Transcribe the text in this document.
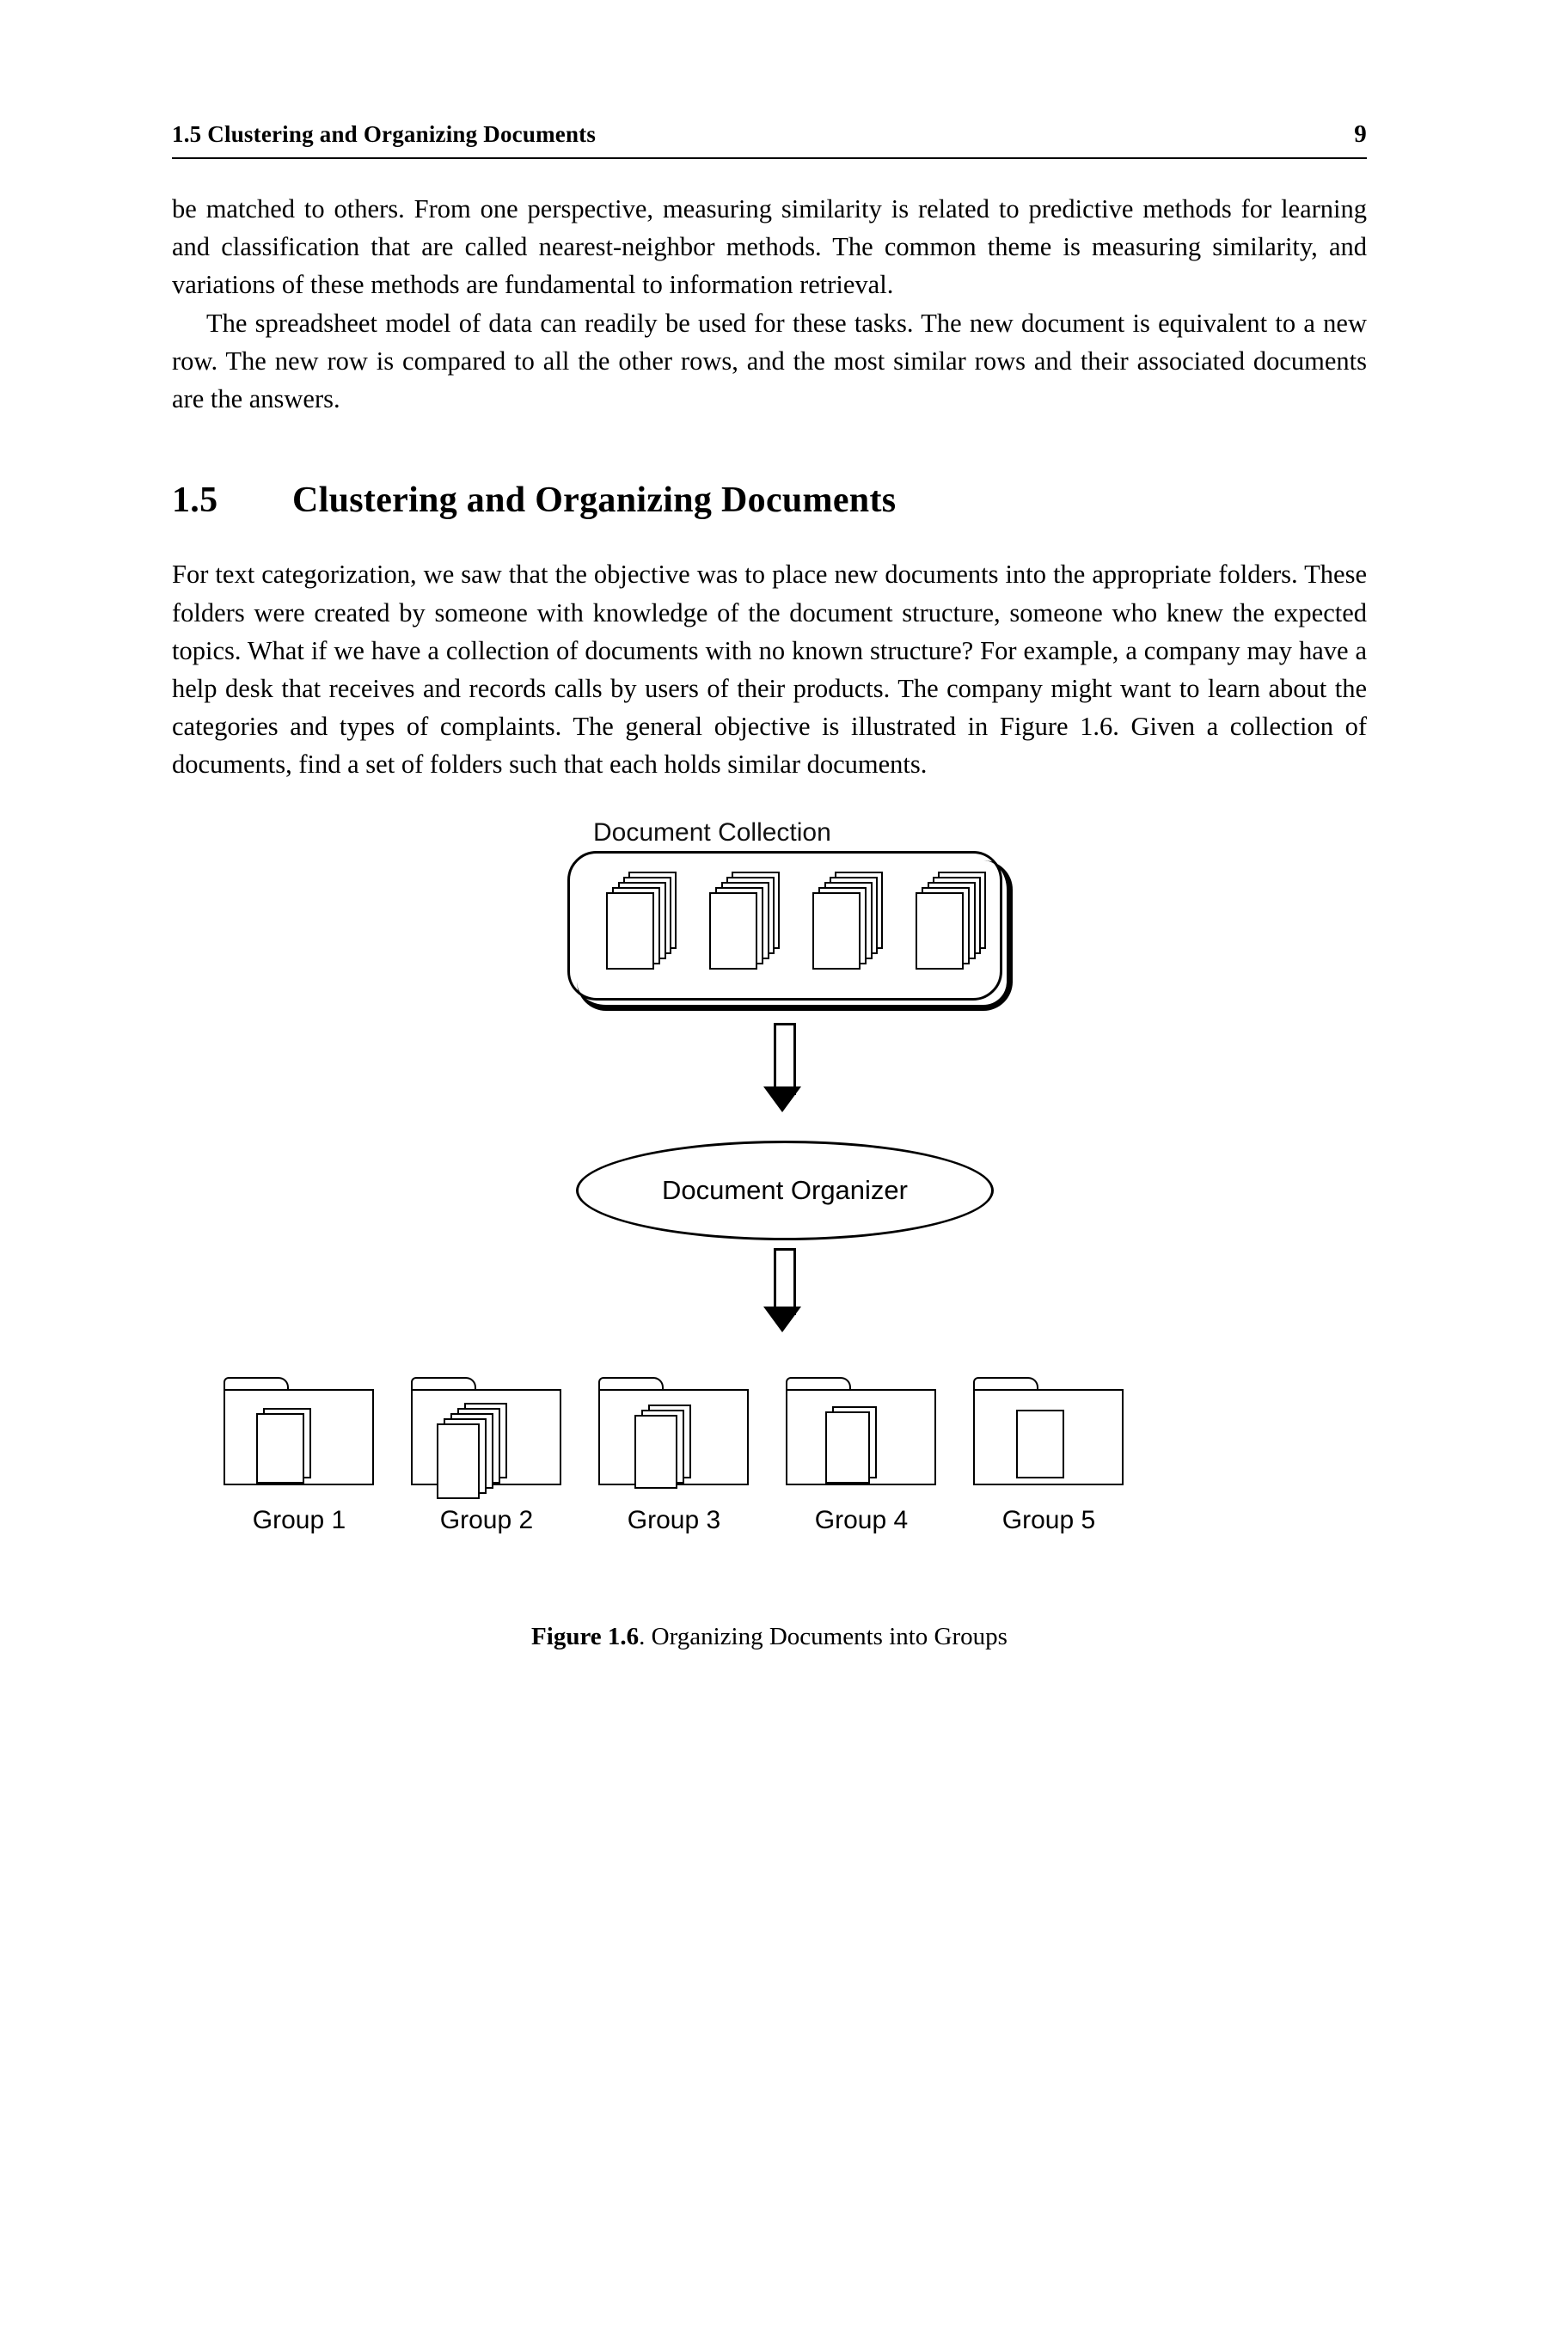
1.5 Clustering and Organizing Documents	9

be matched to others. From one perspective, measuring similarity is related to predictive methods for learning and classification that are called nearest-neighbor methods. The common theme is measuring similarity, and variations of these methods are fundamental to information retrieval.

The spreadsheet model of data can readily be used for these tasks. The new document is equivalent to a new row. The new row is compared to all the other rows, and the most similar rows and their associated documents are the answers.

1.5	Clustering and Organizing Documents

For text categorization, we saw that the objective was to place new documents into the appropriate folders. These folders were created by someone with knowledge of the document structure, someone who knew the expected topics. What if we have a collection of documents with no known structure? For example, a company may have a help desk that receives and records calls by users of their products. The company might want to learn about the categories and types of complaints. The general objective is illustrated in Figure 1.6. Given a collection of documents, find a set of folders such that each holds similar documents.

Document Collection
Document Organizer
Group 1	Group 2	Group 3	Group 4	Group 5
Figure 1.6. Organizing Documents into Groups
